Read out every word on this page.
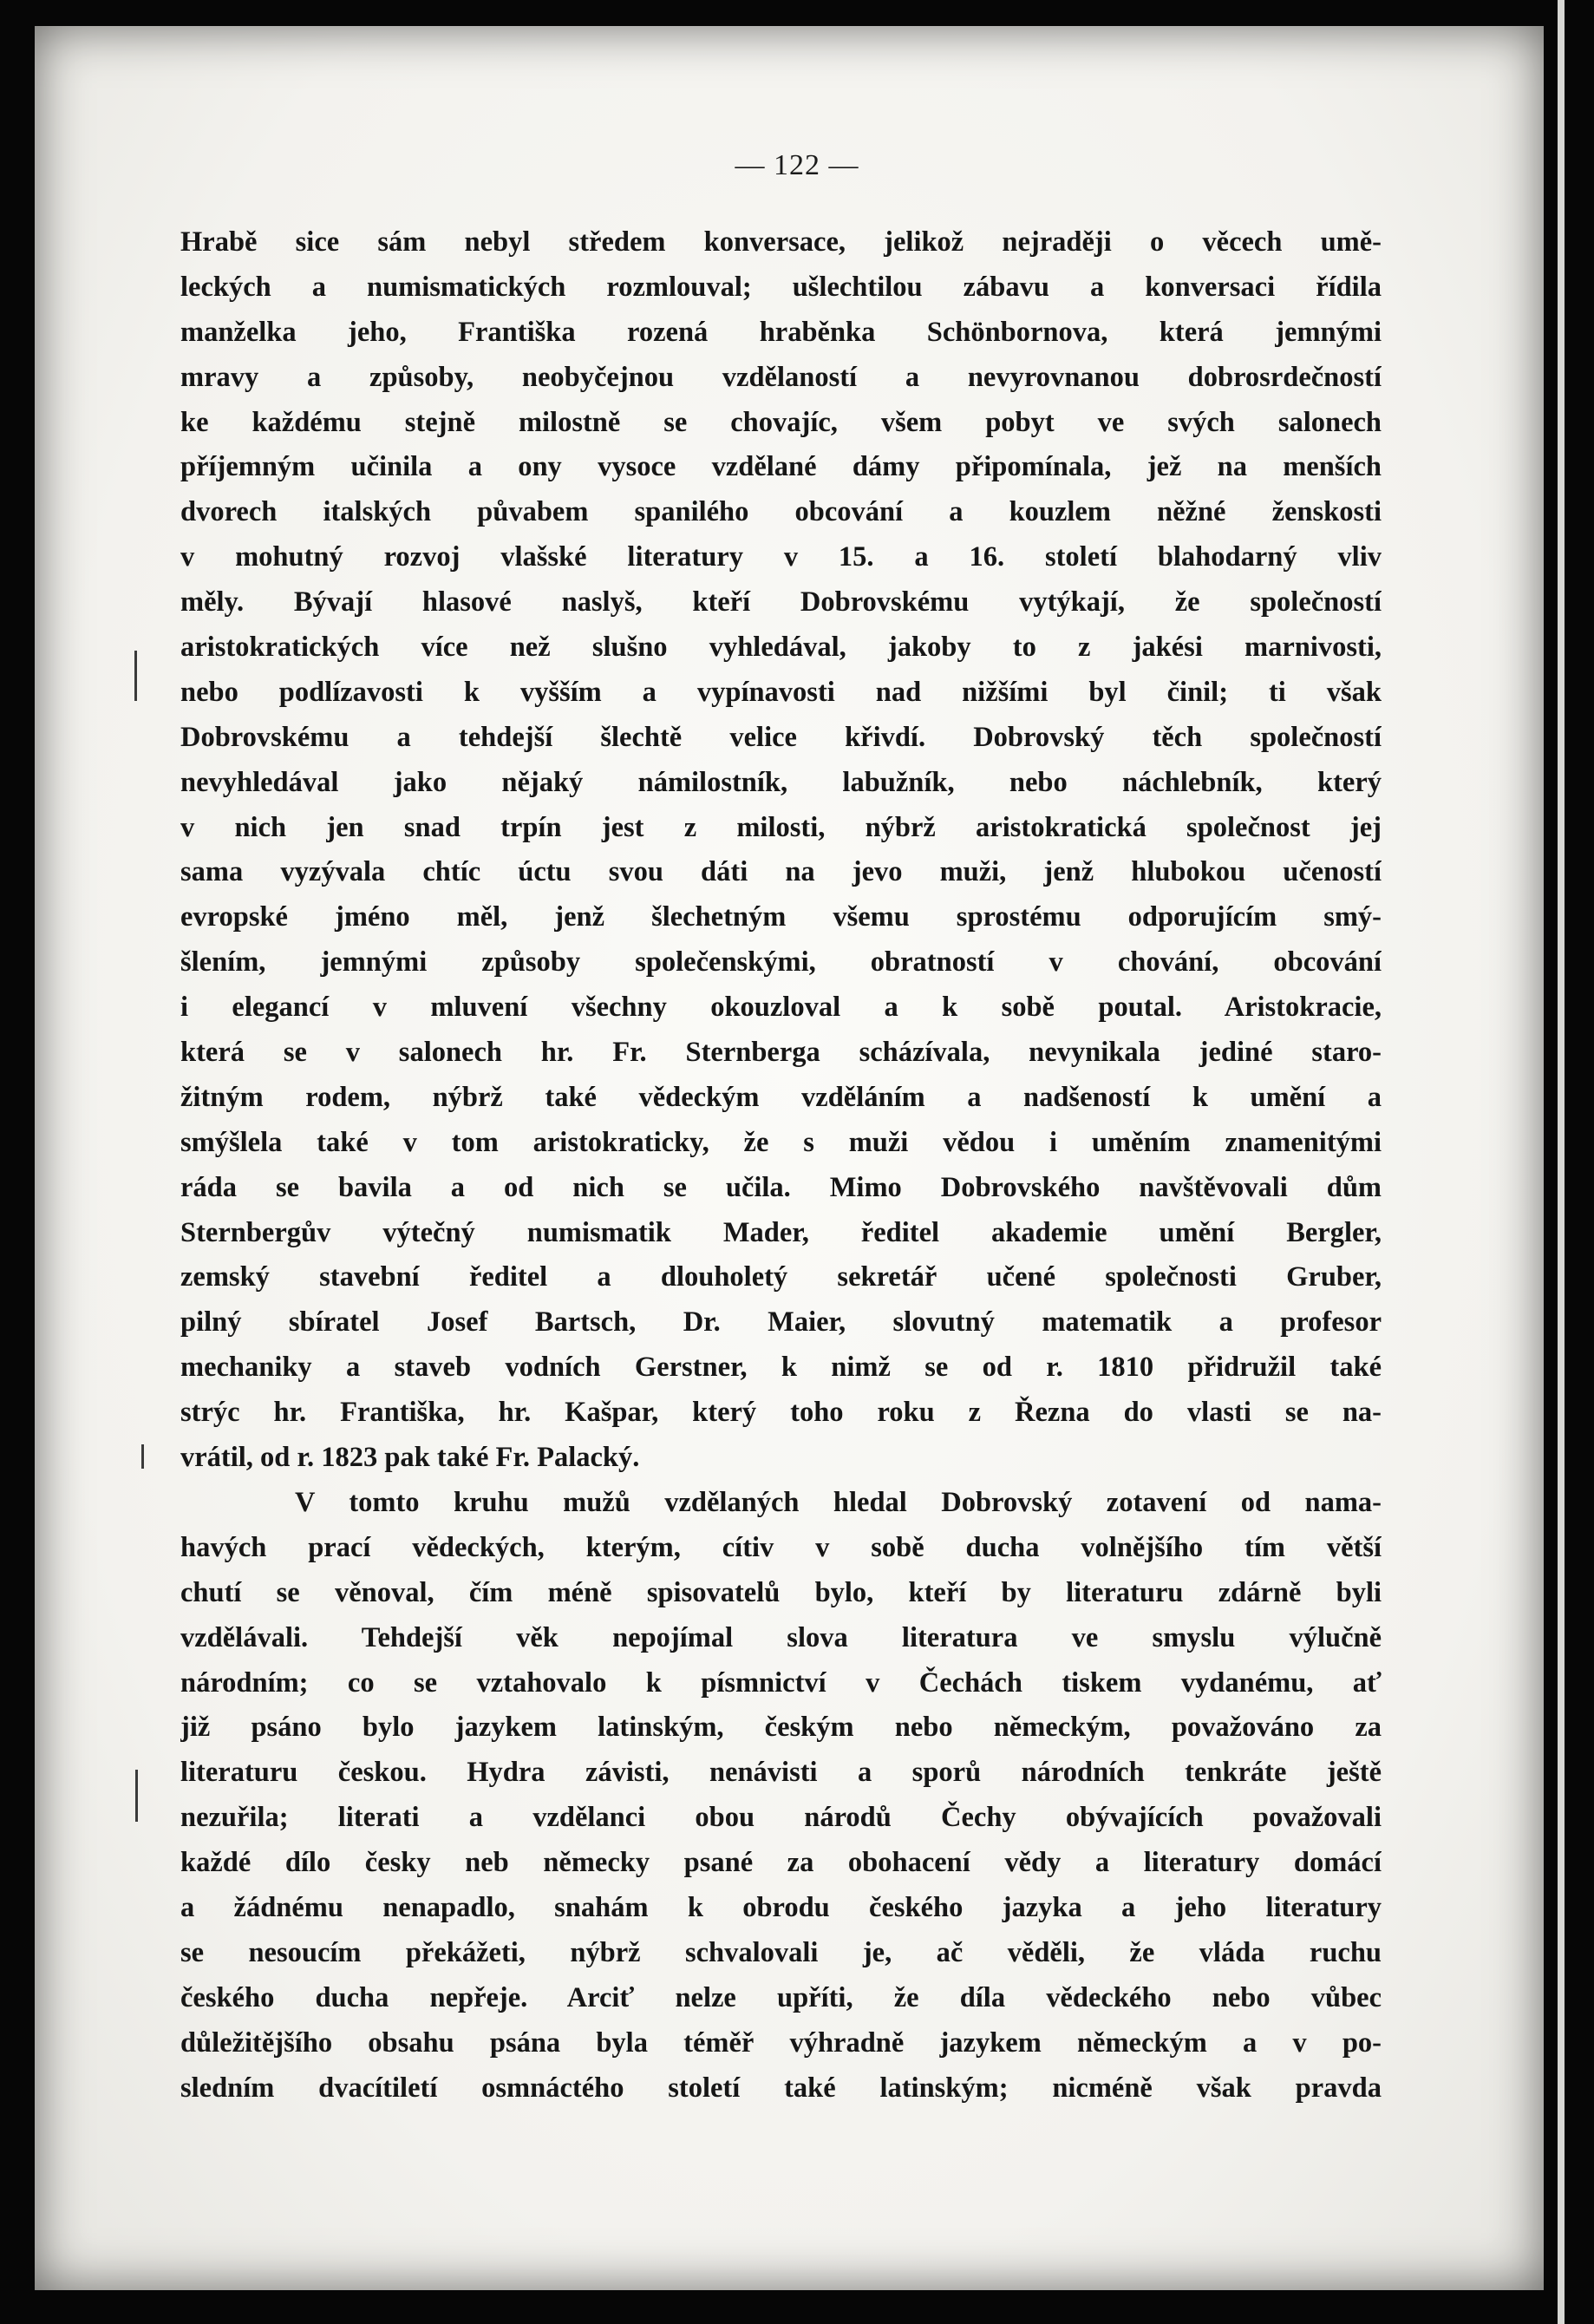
— 122 —
Hrabě sice sám nebyl středem konversace, jelikož nejraději o věcech umě-
leckých a numismatických rozmlouval; ušlechtilou zábavu a konversaci řídila
manželka jeho, Františka rozená hraběnka Schönbornova, která jemnými
mravy a způsoby, neobyčejnou vzdělaností a nevyrovnanou dobrosrdečností
ke každému stejně milostně se chovajíc, všem pobyt ve svých salonech
příjemným učinila a ony vysoce vzdělané dámy připomínala, jež na menších
dvorech italských půvabem spanilého obcování a kouzlem něžné ženskosti
v mohutný rozvoj vlašské literatury v 15. a 16. století blahodarný vliv
měly. Bývají hlasové naslyš, kteří Dobrovskému vytýkají, že společností
aristokratických více než slušno vyhledával, jakoby to z jakési marnivosti,
nebo podlízavosti k vyšším a vypínavosti nad nižšími byl činil; ti však
Dobrovskému a tehdejší šlechtě velice křivdí. Dobrovský těch společností
nevyhledával jako nějaký námilostník, labužník, nebo náchlebník, který
v nich jen snad trpín jest z milosti, nýbrž aristokratická společnost jej
sama vyzývala chtíc úctu svou dáti na jevo muži, jenž hlubokou učeností
evropské jméno měl, jenž šlechetným všemu sprostému odporujícím smý-
šlením, jemnými způsoby společenskými, obratností v chování, obcování
i elegancí v mluvení všechny okouzloval a k sobě poutal. Aristokracie,
která se v salonech hr. Fr. Sternberga scházívala, nevynikala jediné staro-
žitným rodem, nýbrž také vědeckým vzděláním a nadšeností k umění a
smýšlela také v tom aristokraticky, že s muži vědou i uměním znamenitými
ráda se bavila a od nich se učila. Mimo Dobrovského navštěvovali dům
Sternbergův výtečný numismatik Mader, ředitel akademie umění Bergler,
zemský stavební ředitel a dlouholetý sekretář učené společnosti Gruber,
pilný sbíratel Josef Bartsch, Dr. Maier, slovutný matematik a profesor
mechaniky a staveb vodních Gerstner, k nimž se od r. 1810 přidružil také
strýc hr. Františka, hr. Kašpar, který toho roku z Řezna do vlasti se na-
vrátil, od r. 1823 pak také Fr. Palacký.
V tomto kruhu mužů vzdělaných hledal Dobrovský zotavení od nama-
havých prací vědeckých, kterým, cítiv v sobě ducha volnějšího tím větší
chutí se věnoval, čím méně spisovatelů bylo, kteří by literaturu zdárně byli
vzdělávali. Tehdejší věk nepojímal slova literatura ve smyslu výlučně
národním; co se vztahovalo k písmnictví v Čechách tiskem vydanému, ať
již psáno bylo jazykem latinským, českým nebo německým, považováno za
literaturu českou. Hydra závisti, nenávisti a sporů národních tenkráte ještě
nezuřila; literati a vzdělanci obou národů Čechy obývajících považovali
každé dílo česky neb německy psané za obohacení vědy a literatury domácí
a žádnému nenapadlo, snahám k obrodu českého jazyka a jeho literatury
se nesoucím překážeti, nýbrž schvalovali je, ač věděli, že vláda ruchu
českého ducha nepřeje. Arciť nelze upříti, že díla vědeckého nebo vůbec
důležitějšího obsahu psána byla téměř výhradně jazykem německým a v po-
sledním dvacítiletí osmnáctého století také latinským; nicméně však pravda
